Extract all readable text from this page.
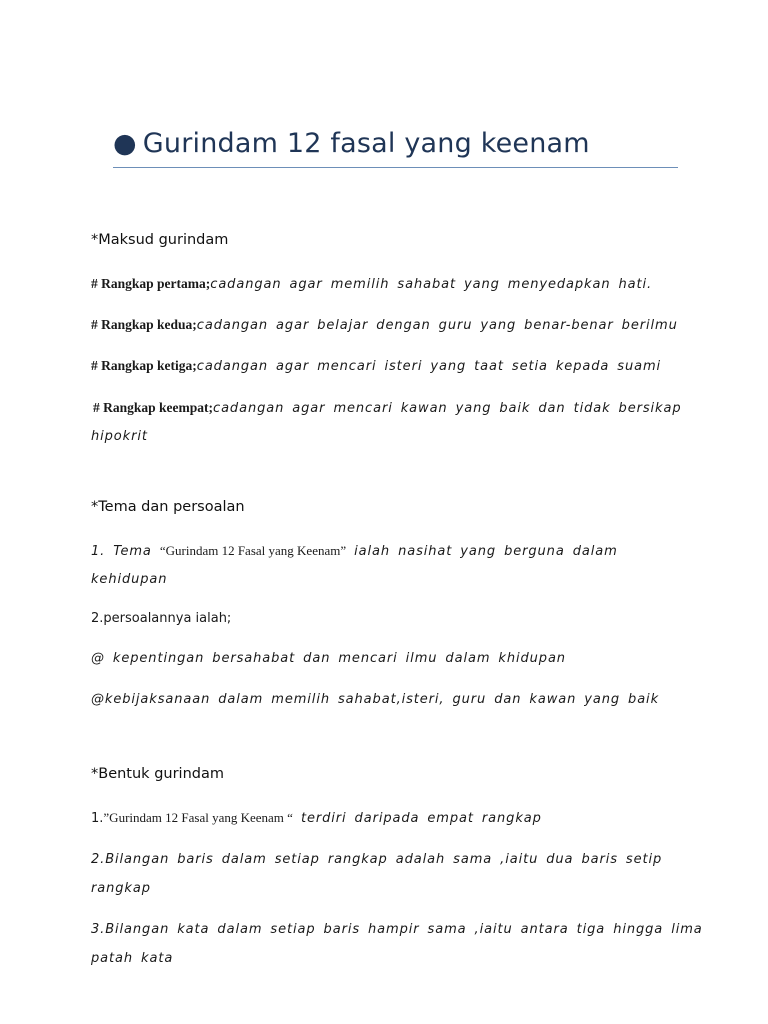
● Gurindam 12 fasal yang keenam
*Maksud gurindam
# Rangkap pertama;cadangan agar memilih sahabat yang menyedapkan hati.
# Rangkap kedua;cadangan agar belajar dengan guru yang benar-benar berilmu
# Rangkap ketiga;cadangan agar mencari isteri yang taat setia kepada suami
# Rangkap keempat;cadangan agar mencari kawan yang baik dan tidak bersikap
hipokrit
*Tema dan persoalan
1. Tema “Gurindam 12 Fasal yang Keenam” ialah nasihat yang berguna dalam
kehidupan
2.persoalannya ialah;
@ kepentingan bersahabat dan mencari ilmu dalam khidupan
@kebijaksanaan dalam memilih sahabat,isteri, guru dan kawan yang baik
*Bentuk gurindam
1.”Gurindam 12 Fasal yang Keenam “ terdiri daripada empat rangkap
2.Bilangan baris dalam setiap rangkap adalah sama ,iaitu dua baris setip
rangkap
3.Bilangan kata dalam setiap baris hampir sama ,iaitu antara tiga hingga lima
patah kata
